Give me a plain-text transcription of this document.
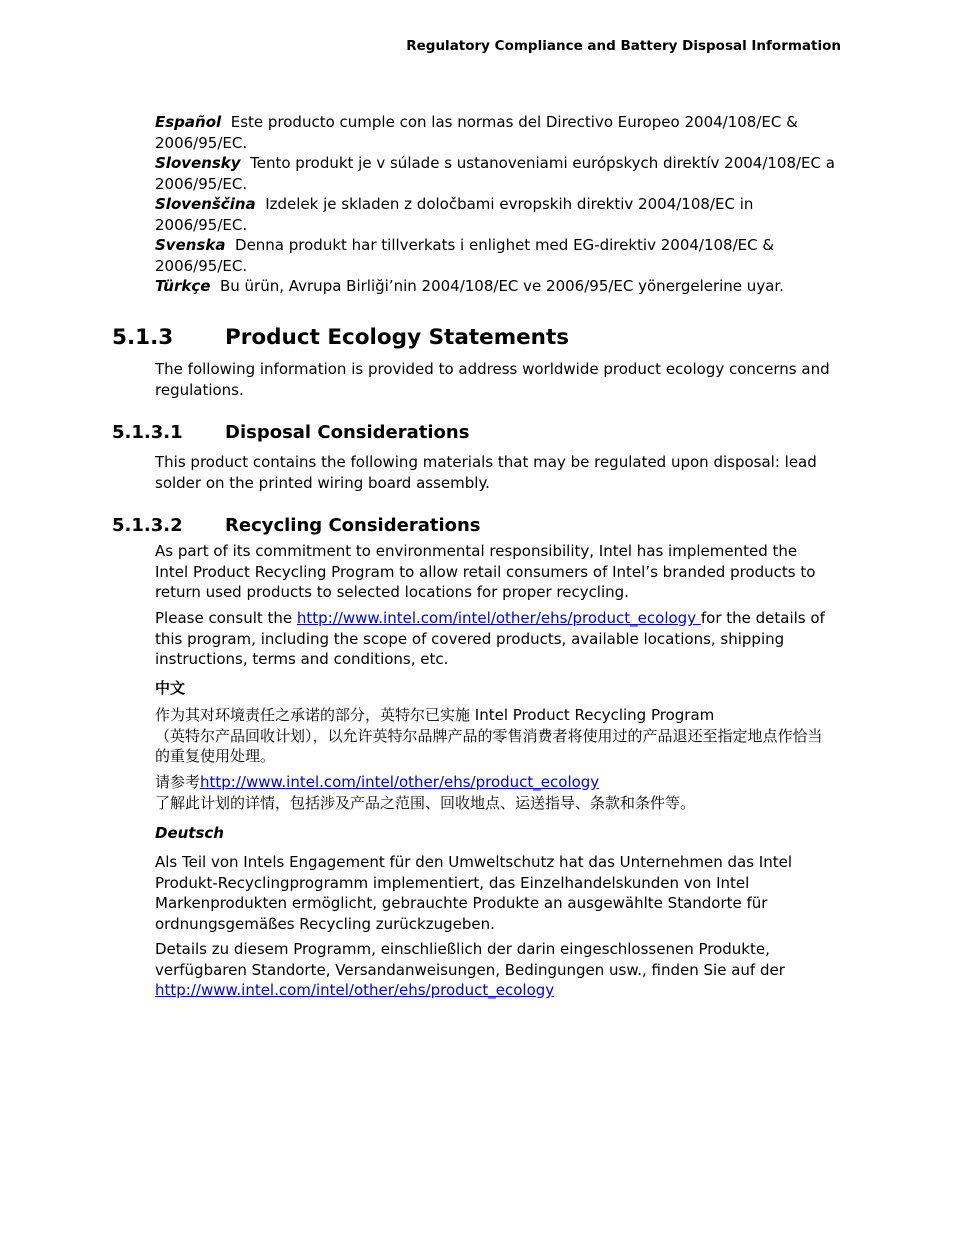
Regulatory Compliance and Battery Disposal Information

Español Este producto cumple con las normas del Directivo Europeo 2004/108/EC & 2006/95/EC.

Slovensky Tento produkt je v súlade s ustanoveniami európskych direktív 2004/108/EC a 2006/95/EC.

Slovenščina Izdelek je skladen z določbami evropskih direktiv 2004/108/EC in 2006/95/EC.

Svenska Denna produkt har tillverkats i enlighet med EG-direktiv 2004/108/EC & 2006/95/EC.

Türkçe Bu ürün, Avrupa Birliği’nin 2004/108/EC ve 2006/95/EC yönergelerine uyar.

5.1.3 Product Ecology Statements

The following information is provided to address worldwide product ecology concerns and regulations.

5.1.3.1 Disposal Considerations

This product contains the following materials that may be regulated upon disposal: lead solder on the printed wiring board assembly.

5.1.3.2 Recycling Considerations

As part of its commitment to environmental responsibility, Intel has implemented the Intel Product Recycling Program to allow retail consumers of Intel’s branded products to return used products to selected locations for proper recycling.

Please consult the http://www.intel.com/intel/other/ehs/product_ecology for the details of this program, including the scope of covered products, available locations, shipping instructions, terms and conditions, etc.

中文

作为其对环境责任之承诺的部分，英特尔已实施 Intel Product Recycling Program
（英特尔产品回收计划），以允许英特尔品牌产品的零售消费者将使用过的产品退还至指定地点作恰当的重复使用处理。

请参考http://www.intel.com/intel/other/ehs/product_ecology
了解此计划的详情，包括涉及产品之范围、回收地点、运送指导、条款和条件等。

Deutsch

Als Teil von Intels Engagement für den Umweltschutz hat das Unternehmen das Intel Produkt-Recyclingprogramm implementiert, das Einzelhandelskunden von Intel Markenprodukten ermöglicht, gebrauchte Produkte an ausgewählte Standorte für ordnungsgemäßes Recycling zurückzugeben.

Details zu diesem Programm, einschließlich der darin eingeschlossenen Produkte, verfügbaren Standorte, Versandanweisungen, Bedingungen usw., finden Sie auf der http://www.intel.com/intel/other/ehs/product_ecology
